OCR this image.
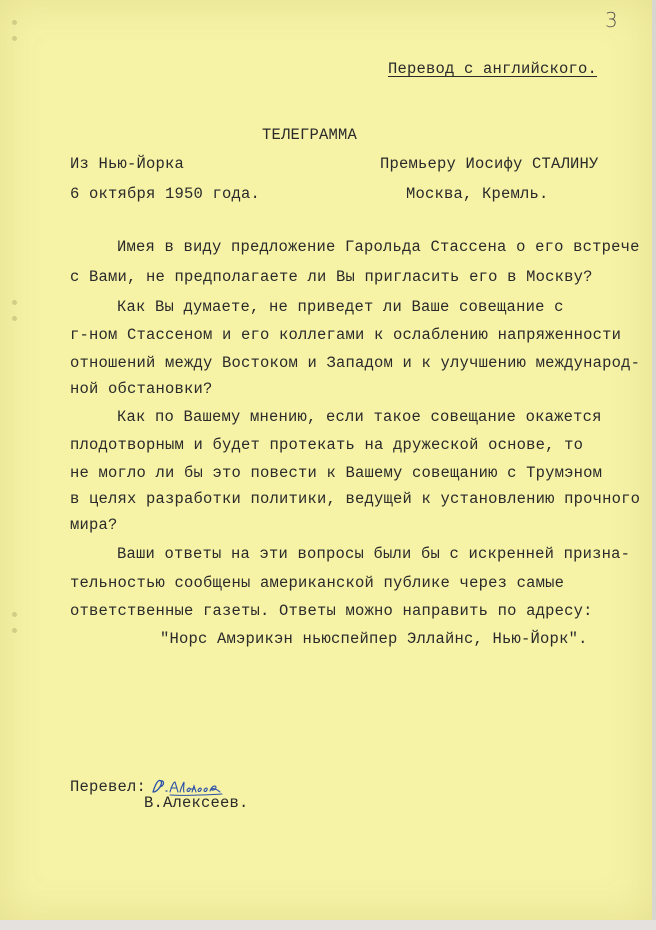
3
Перевод с английского.
ТЕЛЕГРАММА
Из Нью-Йорка
6 октября 1950 года.
Премьеру Иосифу СТАЛИНУ
Москва, Кремль.
Имея в виду предложение Гарольда Стассена о его встрече
с Вами, не предполагаете ли Вы пригласить его в Москву?
Как Вы думаете, не приведет ли Ваше совещание с
г-ном Стассеном и его коллегами к ослаблению напряженности
отношений между Востоком и Западом и к улучшению международ-
ной обстановки?
Как по Вашему мнению, если такое совещание окажется
плодотворным и будет протекать на дружеской основе, то
не могло ли бы это повести к Вашему совещанию с Трумэном
в целях разработки политики, ведущей к установлению прочного
мира?
Ваши ответы на эти вопросы были бы с искренней призна-
тельностью сообщены американской публике через самые
ответственные газеты. Ответы можно направить по адресу:
"Норс Амэрикэн ньюспейпер Эллайнс, Нью-Йорк".
Перевел:
В.Алексеев.
